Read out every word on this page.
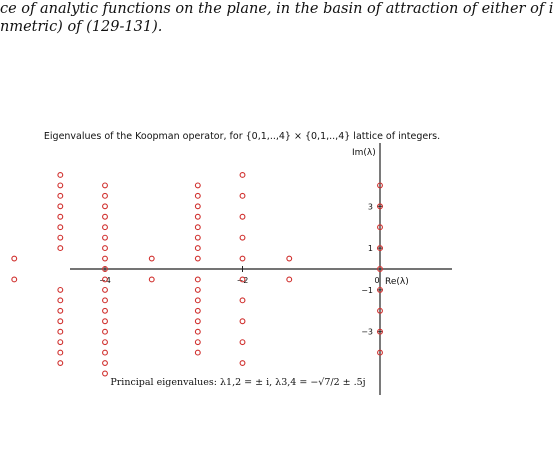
ce of analytic functions on the plane, in the basin of attraction of either of i
nmetric) of (129-131).
Eigenvalues of the Koopman operator, for {0,1,..,4} × {0,1,..,4} lattice of integers.
−4	−2
3
1
−1
−3
0
Im(λ)
Re(λ)
Principal eigenvalues: λ1,2 = ± i, λ3,4 = −√7/2 ± .5j
